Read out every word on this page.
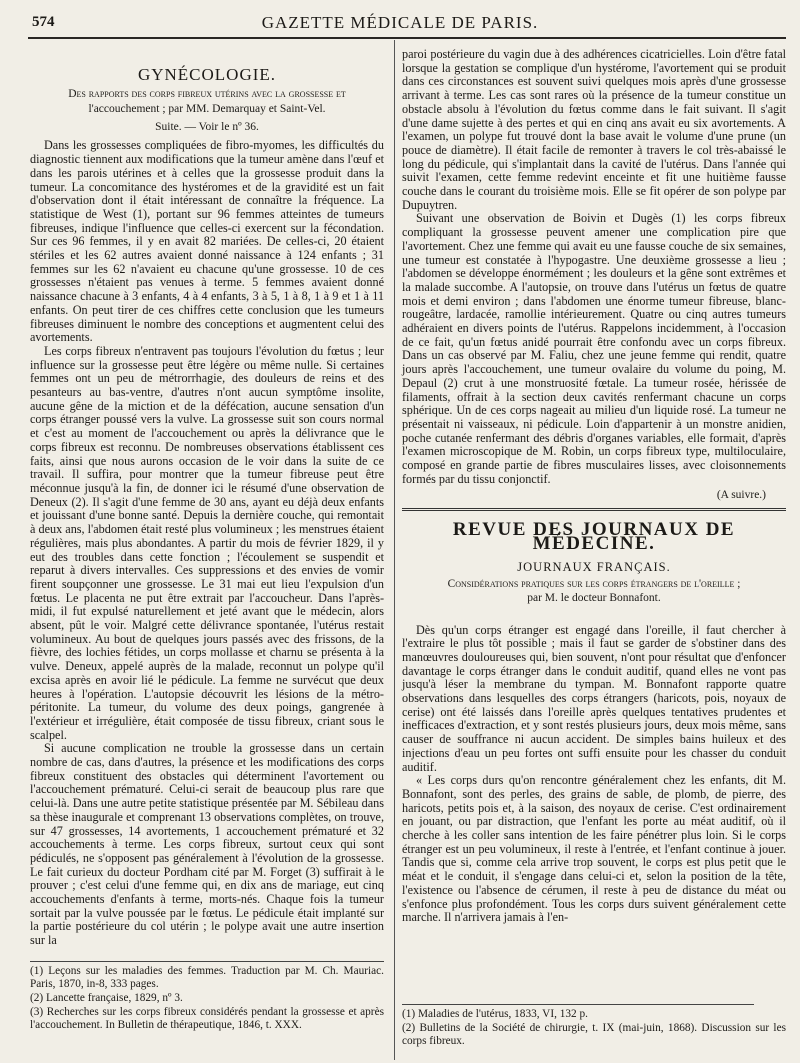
574	GAZETTE MÉDICALE DE PARIS.
GYNÉCOLOGIE.
Des rapports des corps fibreux utérins avec la grossesse et
l'accouchement ; par MM. Demarquay et Saint-Vel.
Suite. — Voir le nº 36.

Dans les grossesses compliquées de fibro-myomes, les difficultés du diagnostic tiennent aux modifications que la tumeur amène dans l'œuf et dans les parois utérines et à celles que la grossesse produit dans la tumeur. La concomitance des hystéromes et de la gravidité est un fait d'observation dont il était intéressant de connaître la fréquence. La statistique de West (1), portant sur 96 femmes atteintes de tumeurs fibreuses, indique l'influence que celles-ci exercent sur la fécondation. Sur ces 96 femmes, il y en avait 82 mariées. De celles-ci, 20 étaient stériles et les 62 autres avaient donné naissance à 124 enfants ; 31 femmes sur les 62 n'avaient eu chacune qu'une grossesse. 10 de ces grossesses n'étaient pas venues à terme. 5 femmes avaient donné naissance chacune à 3 enfants, 4 à 4 enfants, 3 à 5, 1 à 8, 1 à 9 et 1 à 11 enfants. On peut tirer de ces chiffres cette conclusion que les tumeurs fibreuses diminuent le nombre des conceptions et augmentent celui des avortements.

Les corps fibreux n'entravent pas toujours l'évolution du fœtus ; leur influence sur la grossesse peut être légère ou même nulle. Si certaines femmes ont un peu de métrorrhagie, des douleurs de reins et des pesanteurs au bas-ventre, d'autres n'ont aucun symptôme insolite, aucune gêne de la miction et de la défécation, aucune sensation d'un corps étranger poussé vers la vulve. La grossesse suit son cours normal et c'est au moment de l'accouchement ou après la délivrance que le corps fibreux est reconnu. De nombreuses observations établissent ces faits, ainsi que nous aurons occasion de le voir dans la suite de ce travail. Il suffira, pour montrer que la tumeur fibreuse peut être méconnue jusqu'à la fin, de donner ici le résumé d'une observation de Deneux (2). Il s'agit d'une femme de 30 ans, ayant eu déjà deux enfants et jouissant d'une bonne santé. Depuis la dernière couche, qui remontait à deux ans, l'abdomen était resté plus volumineux ; les menstrues étaient régulières, mais plus abondantes. A partir du mois de février 1829, il y eut des troubles dans cette fonction ; l'écoulement se suspendit et reparut à divers intervalles. Ces suppressions et des envies de vomir firent soupçonner une grossesse. Le 31 mai eut lieu l'expulsion d'un fœtus. Le placenta ne put être extrait par l'accoucheur. Dans l'après-midi, il fut expulsé naturellement et jeté avant que le médecin, alors absent, pût le voir. Malgré cette délivrance spontanée, l'utérus restait volumineux. Au bout de quelques jours passés avec des frissons, de la fièvre, des lochies fétides, un corps mollasse et charnu se présenta à la vulve. Deneux, appelé auprès de la malade, reconnut un polype qu'il excisa après en avoir lié le pédicule. La femme ne survécut que deux heures à l'opération. L'autopsie découvrit les lésions de la métro-péritonite. La tumeur, du volume des deux poings, gangrenée à l'extérieur et irrégulière, était composée de tissu fibreux, criant sous le scalpel.

Si aucune complication ne trouble la grossesse dans un certain nombre de cas, dans d'autres, la présence et les modifications des corps fibreux constituent des obstacles qui déterminent l'avortement ou l'accouchement prématuré. Celui-ci serait de beaucoup plus rare que celui-là. Dans une autre petite statistique présentée par M. Sébileau dans sa thèse inaugurale et comprenant 13 observations complètes, on trouve, sur 47 grossesses, 14 avortements, 1 accouchement prématuré et 32 accouchements à terme. Les corps fibreux, surtout ceux qui sont pédiculés, ne s'opposent pas généralement à l'évolution de la grossesse. Le fait curieux du docteur Pordham cité par M. Forget (3) suffirait à le prouver ; c'est celui d'une femme qui, en dix ans de mariage, eut cinq accouchements d'enfants à terme, morts-nés. Chaque fois la tumeur sortait par la vulve poussée par le fœtus. Le pédicule était implanté sur la partie postérieure du col utérin ; le polype avait une autre insertion sur la

(1) Leçons sur les maladies des femmes. Traduction par M. Ch. Mauriac. Paris, 1870, in-8, 333 pages.

(2) Lancette française, 1829, nº 3.

(3) Recherches sur les corps fibreux considérés pendant la grossesse et après l'accouchement. In Bulletin de thérapeutique, 1846, t. XXX.

paroi postérieure du vagin due à des adhérences cicatricielles. Loin d'être fatal lorsque la gestation se complique d'un hystérome, l'avortement qui se produit dans ces circonstances est souvent suivi quelques mois après d'une grossesse arrivant à terme. Les cas sont rares où la présence de la tumeur constitue un obstacle absolu à l'évolution du fœtus comme dans le fait suivant. Il s'agit d'une dame sujette à des pertes et qui en cinq ans avait eu six avortements. A l'examen, un polype fut trouvé dont la base avait le volume d'une prune (un pouce de diamètre). Il était facile de remonter à travers le col très-abaissé le long du pédicule, qui s'implantait dans la cavité de l'utérus. Dans l'année qui suivit l'examen, cette femme redevint enceinte et fit une huitième fausse couche dans le courant du troisième mois. Elle se fit opérer de son polype par Dupuytren.

Suivant une observation de Boivin et Dugès (1) les corps fibreux compliquant la grossesse peuvent amener une complication pire que l'avortement. Chez une femme qui avait eu une fausse couche de six semaines, une tumeur est constatée à l'hypogastre. Une deuxième grossesse a lieu ; l'abdomen se développe énormément ; les douleurs et la gêne sont extrêmes et la malade succombe. A l'autopsie, on trouve dans l'utérus un fœtus de quatre mois et demi environ ; dans l'abdomen une énorme tumeur fibreuse, blanc-rougeâtre, lardacée, ramollie intérieurement. Quatre ou cinq autres tumeurs adhéraient en divers points de l'utérus. Rappelons incidemment, à l'occasion de ce fait, qu'un fœtus anidé pourrait être confondu avec un corps fibreux. Dans un cas observé par M. Faliu, chez une jeune femme qui rendit, quatre jours après l'accouchement, une tumeur ovalaire du volume du poing, M. Depaul (2) crut à une monstruosité fœtale. La tumeur rosée, hérissée de filaments, offrait à la section deux cavités renfermant chacune un corps sphérique. Un de ces corps nageait au milieu d'un liquide rosé. La tumeur ne présentait ni vaisseaux, ni pédicule. Loin d'appartenir à un monstre anidien, poche cutanée renfermant des débris d'organes variables, elle formait, d'après l'examen microscopique de M. Robin, un corps fibreux type, multiloculaire, composé en grande partie de fibres musculaires lisses, avec cloisonnements formés par du tissu conjonctif.

(A suivre.)
REVUE DES JOURNAUX DE MÉDECINE.
JOURNAUX FRANÇAIS.
Considérations pratiques sur les corps étrangers de l'oreille ;
par M. le docteur Bonnafont.

Dès qu'un corps étranger est engagé dans l'oreille, il faut chercher à l'extraire le plus tôt possible ; mais il faut se garder de s'obstiner dans des manœuvres douloureuses qui, bien souvent, n'ont pour résultat que d'enfoncer davantage le corps étranger dans le conduit auditif, quand elles ne vont pas jusqu'à léser la membrane du tympan. M. Bonnafont rapporte quatre observations dans lesquelles des corps étrangers (haricots, pois, noyaux de cerise) ont été laissés dans l'oreille après quelques tentatives prudentes et inefficaces d'extraction, et y sont restés plusieurs jours, deux mois même, sans causer de souffrance ni aucun accident. De simples bains huileux et des injections d'eau un peu fortes ont suffi ensuite pour les chasser du conduit auditif.

« Les corps durs qu'on rencontre généralement chez les enfants, dit M. Bonnafont, sont des perles, des grains de sable, de plomb, de pierre, des haricots, petits pois et, à la saison, des noyaux de cerise. C'est ordinairement en jouant, ou par distraction, que l'enfant les porte au méat auditif, où il cherche à les coller sans intention de les faire pénétrer plus loin. Si le corps étranger est un peu volumineux, il reste à l'entrée, et l'enfant continue à jouer. Tandis que si, comme cela arrive trop souvent, le corps est plus petit que le méat et le conduit, il s'engage dans celui-ci et, selon la position de la tête, l'existence ou l'absence de cérumen, il reste à peu de distance du méat ou s'enfonce plus profondément. Tous les corps durs suivent généralement cette marche. Il n'arrivera jamais à l'en-

(1) Maladies de l'utérus, 1833, VI, 132 p.

(2) Bulletins de la Société de chirurgie, t. IX (mai-juin, 1868). Discussion sur les corps fibreux.
